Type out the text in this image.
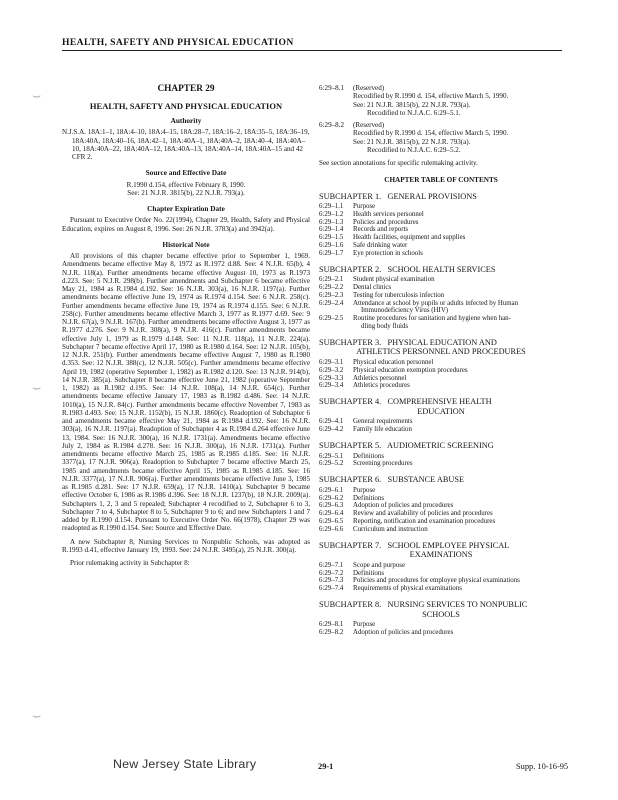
HEALTH, SAFETY AND PHYSICAL EDUCATION
⌣
⌣
⌣
CHAPTER 29
HEALTH, SAFETY AND PHYSICAL EDUCATION
Authority

N.J.S.A. 18A:1–1, 18A:4–10, 18A:4–15, 18A:28–7, 18A:16–2, 18A:35–5, 18A:36–19, 18A:40A, 18A:40–16, 18A:42–1, 18A:40A–1, 18A:40A–2, 18A:40–4, 18A:40A–10, 18A:40A–22, 18A:40A–12, 18A:40A–13, 18A:40A–14, 18A:40A–15 and 42 CFR 2.

Source and Effective Date

R.1990 d.154, effective February 8, 1990.

See: 21 N.J.R. 3815(b), 22 N.J.R. 793(a).

Chapter Expiration Date

Pursuant to Executive Order No. 22(1994), Chapter 29, Health, Safety and Physical Education, expires on August 8, 1996. See: 26 N.J.R. 3783(a) and 3942(a).

Historical Note

All provisions of this chapter became effective prior to September 1, 1969. Amendments became effective May 8, 1972 as R.1972 d.88. See: 4 N.J.R. 65(b), 4 N.J.R. 118(a). Further amendments became effective August 10, 1973 as R.1973 d.223. See: 5 N.J.R. 298(b). Further amendments and Subchapter 6 became effective May 21, 1984 as R.1984 d.192. See: 16 N.J.R. 303(a), 16 N.J.R. 1197(a). Further amendments became effective June 19, 1974 as R.1974 d.154. See: 6 N.J.R. 258(c). Further amendments became effective June 19, 1974 as R.1974 d.155. See: 6 N.J.R. 258(c). Further amendments became effective March 3, 1977 as R.1977 d.69. See: 9 N.J.R. 67(a), 9 N.J.R. 167(b). Further amendments became effective August 3, 1977 as R.1977 d.276. See: 9 N.J.R. 308(a), 9 N.J.R. 416(c). Further amendments became effective July 1, 1979 as R.1979 d.148. See: 11 N.J.R. 118(a), 11 N.J.R. 224(a). Subchapter 7 became effective April 17, 1980 as R.1980 d.164. See: 12 N.J.R. 105(b), 12 N.J.R. 251(b). Further amendments became effective August 7, 1980 as R.1980 d.353. See: 12 N.J.R. 388(c), 12 N.J.R. 505(c). Further amendments became effective April 19, 1982 (operative September 1, 1982) as R.1982 d.120. See: 13 N.J.R. 914(b), 14 N.J.R. 385(a). Subchapter 8 became effective June 21, 1982 (operative September 1, 1982) as R.1982 d.195. See: 14 N.J.R. 108(a), 14 N.J.R. 654(c). Further amendments became effective January 17, 1983 as R.1982 d.486. See: 14 N.J.R. 1010(a), 15 N.J.R. 84(c). Further amendments became effective November 7, 1983 as R.1983 d.493. See: 15 N.J.R. 1152(b), 15 N.J.R. 1860(c). Readoption of Subchapter 6 and amendments became effective May 21, 1984 as R.1984 d.192. See: 16 N.J.R. 303(a), 16 N.J.R. 1197(a). Readoption of Subchapter 4 as R.1984 d.264 effective June 13, 1984. See: 16 N.J.R. 300(a), 16 N.J.R. 1731(a). Amendments became effective July 2, 1984 as R.1984 d.278. See: 16 N.J.R. 300(a), 16 N.J.R. 1731(a). Further amendments became effective March 25, 1985 as R.1985 d.185. See: 16 N.J.R. 3377(a), 17 N.J.R. 906(a). Readoption to Subchapter 7 became effective March 25, 1985 and amendments became effective April 15, 1985 as R.1985 d.185. See: 16 N.J.R. 3377(a), 17 N.J.R. 906(a). Further amendments became effective June 3, 1985 as R.1985 d.281. See: 17 N.J.R. 659(a), 17 N.J.R. 1410(a). Subchapter 9 became effective October 6, 1986 as R.1986 d.396. See: 18 N.J.R. 1237(b), 18 N.J.R. 2009(a). Subchapters 1, 2, 3 and 5 repealed; Subchapter 4 recodified to 2, Subchapter 6 to 3, Subchapter 7 to 4, Subchapter 8 to 5, Subchapter 9 to 6; and new Subchapters 1 and 7 added by R.1990 d.154. Pursuant to Executive Order No. 66(1978), Chapter 29 was readopted as R.1990 d.154. See: Source and Effective Date.

A new Subchapter 8, Nursing Services to Nonpublic Schools, was adopted as R.1993 d.41, effective January 19, 1993. See: 24 N.J.R. 3495(a), 25 N.J.R. 300(a).

Prior rulemaking activity in Subchapter 8:

6:29–8.1	(Reserved)
Recodified by R.1990 d. 154, effective March 5, 1990.
See: 21 N.J.R. 3815(b), 22 N.J.R. 793(a).
Recodified to N.J.A.C. 6:29–5.1.
6:29–8.2	(Reserved)
Recodified by R.1990 d. 154, effective March 5, 1990.
See: 21 N.J.R. 3815(b), 22 N.J.R. 793(a).
Recodified to N.J.A.C. 6:29–5.2.

See section annotations for specific rulemaking activity.

CHAPTER TABLE OF CONTENTS
SUBCHAPTER 1.   GENERAL PROVISIONS
6:29–1.1	Purpose
6:29–1.2	Health services personnel
6:29–1.3	Policies and procedures
6:29–1.4	Records and reports
6:29–1.5	Health facilities, equipment and supplies
6:29–1.6	Safe drinking water
6:29–1.7	Eye protection in schools
SUBCHAPTER 2.   SCHOOL HEALTH SERVICES
6:29–2.1	Student physical examination
6:29–2.2	Dental clinics
6:29–2.3	Testing for tuberculosis infection
6:29–2.4	Attendance at school by pupils or adults infected by Human
Immunodeficiency Virus (HIV)
6:29–2.5	Routine procedures for sanitation and hygiene when han-
dling body fluids
SUBCHAPTER 3.   PHYSICAL EDUCATION AND
ATHLETICS PERSONNEL AND PROCEDURES
6:29–3.1	Physical education personnel
6:29–3.2	Physical education exemption procedures
6:29–3.3	Athletics personnel
6:29–3.4	Athletics procedures
SUBCHAPTER 4.   COMPREHENSIVE HEALTH
EDUCATION
6:29–4.1	General requirements
6:29–4.2	Family life education
SUBCHAPTER 5.   AUDIOMETRIC SCREENING
6:29–5.1	Definitions
6:29–5.2	Screening procedures
SUBCHAPTER 6.   SUBSTANCE ABUSE
6:29–6.1	Purpose
6:29–6.2	Definitions
6:29–6.3	Adoption of policies and procedures
6:29–6.4	Review and availability of policies and procedures
6:29–6.5	Reporting, notification and examination procedures
6:29–6.6	Curriculum and instruction
SUBCHAPTER 7.   SCHOOL EMPLOYEE PHYSICAL
EXAMINATIONS
6:29–7.1	Scope and purpose
6:29–7.2	Definitions
6:29–7.3	Policies and procedures for employee physical examinations
6:29–7.4	Requirements of physical examinations
SUBCHAPTER 8.   NURSING SERVICES TO NONPUBLIC
SCHOOLS
6:29–8.1	Purpose
6:29–8.2	Adoption of policies and procedures
New Jersey State Library	29-1	Supp. 10-16-95
